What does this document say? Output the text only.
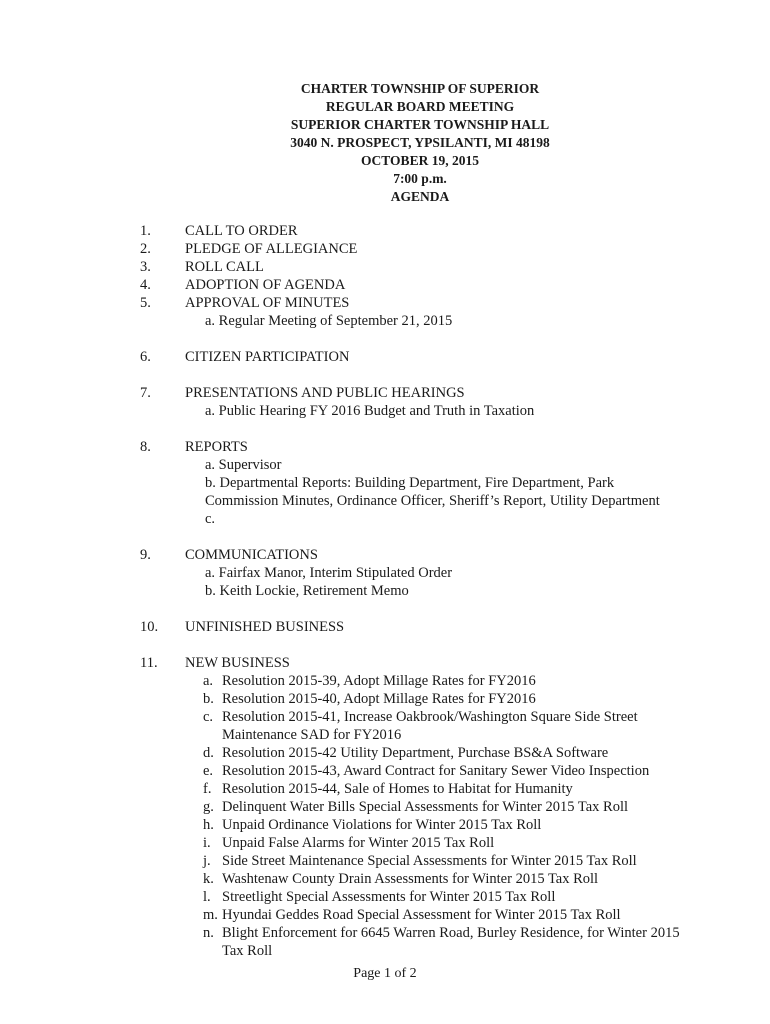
CHARTER TOWNSHIP OF SUPERIOR
REGULAR BOARD MEETING
SUPERIOR CHARTER TOWNSHIP HALL
3040 N. PROSPECT, YPSILANTI, MI 48198
OCTOBER 19, 2015
7:00 p.m.
AGENDA
1. CALL TO ORDER
2. PLEDGE OF ALLEGIANCE
3. ROLL CALL
4. ADOPTION OF AGENDA
5. APPROVAL OF MINUTES
a. Regular Meeting of September 21, 2015
6. CITIZEN PARTICIPATION
7. PRESENTATIONS AND PUBLIC HEARINGS
a. Public Hearing FY 2016 Budget and Truth in Taxation
8. REPORTS
a. Supervisor
b. Departmental Reports: Building Department, Fire Department, Park
Commission Minutes, Ordinance Officer, Sheriff’s Report, Utility Department
c.
9. COMMUNICATIONS
a. Fairfax Manor, Interim Stipulated Order
b. Keith Lockie, Retirement Memo
10. UNFINISHED BUSINESS
11. NEW BUSINESS
a. Resolution 2015-39, Adopt Millage Rates for FY2016
b. Resolution 2015-40, Adopt Millage Rates for FY2016
c. Resolution 2015-41, Increase Oakbrook/Washington Square Side Street Maintenance SAD for FY2016
d. Resolution 2015-42 Utility Department, Purchase BS&A Software
e. Resolution 2015-43, Award Contract for Sanitary Sewer Video Inspection
f. Resolution 2015-44, Sale of Homes to Habitat for Humanity
g. Delinquent Water Bills Special Assessments for Winter 2015 Tax Roll
h. Unpaid Ordinance Violations for Winter 2015 Tax Roll
i. Unpaid False Alarms for Winter 2015 Tax Roll
j. Side Street Maintenance Special Assessments for Winter 2015 Tax Roll
k. Washtenaw County Drain Assessments for Winter 2015 Tax Roll
l. Streetlight Special Assessments for Winter 2015 Tax Roll
m. Hyundai Geddes Road Special Assessment for Winter 2015 Tax Roll
n. Blight Enforcement for 6645 Warren Road, Burley Residence, for Winter 2015 Tax Roll
Page 1 of 2
